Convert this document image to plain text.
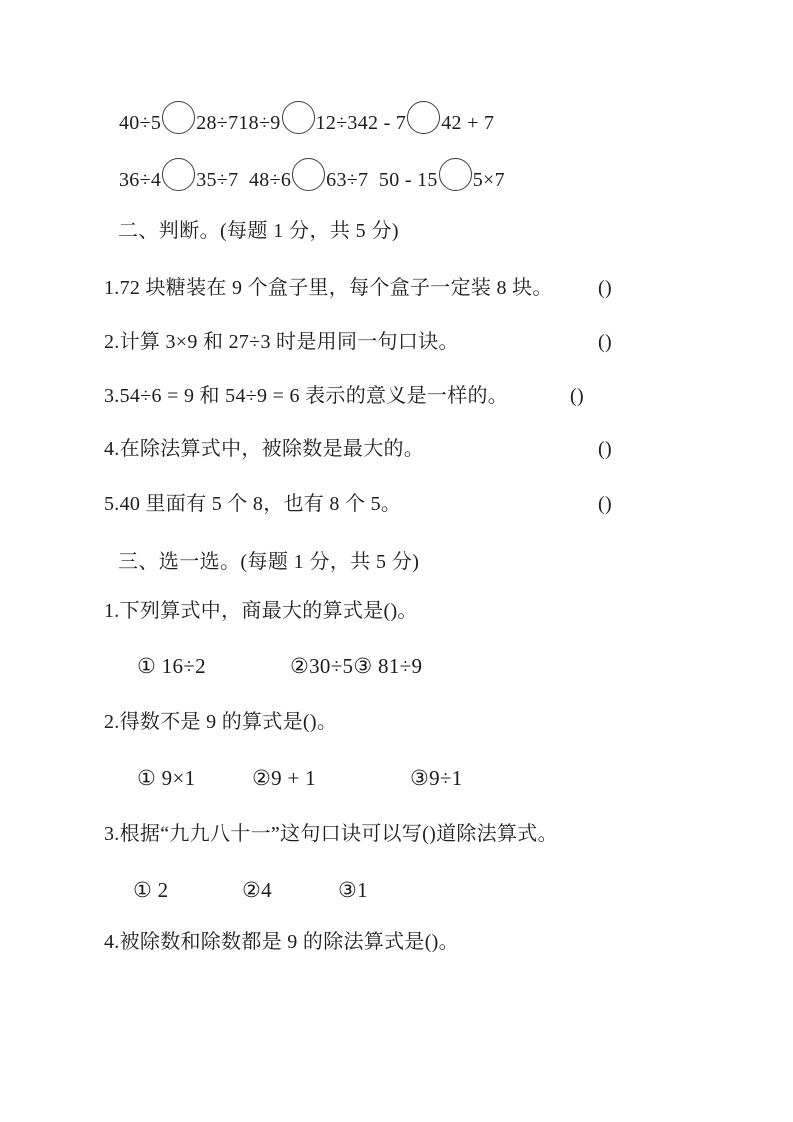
40÷5 28÷718÷9 12÷342 - 7 42 + 7
36÷4 35÷7  48÷6 63÷7  50 - 15 5×7
二、判断。(每题 1 分，共 5 分)
1.72 块糖装在 9 个盒子里，每个盒子一定装 8 块。 ()
2.计算 3×9 和 27÷3 时是用同一句口诀。	()
3.54÷6 = 9 和 54÷9 = 6 表示的意义是一样的。	()
4.在除法算式中，被除数是最大的。	()
5.40 里面有 5 个 8，也有 8 个 5。	()
三、选一选。(每题 1 分，共 5 分)
1.下列算式中，商最大的算式是()。
① 16÷2	②30÷5③ 81÷9
2.得数不是 9 的算式是()。
① 9×1	②9 + 1	③9÷1
3.根据“九九八十一”这句口诀可以写()道除法算式。
① 2	②4	③1
4.被除数和除数都是 9 的除法算式是()。
